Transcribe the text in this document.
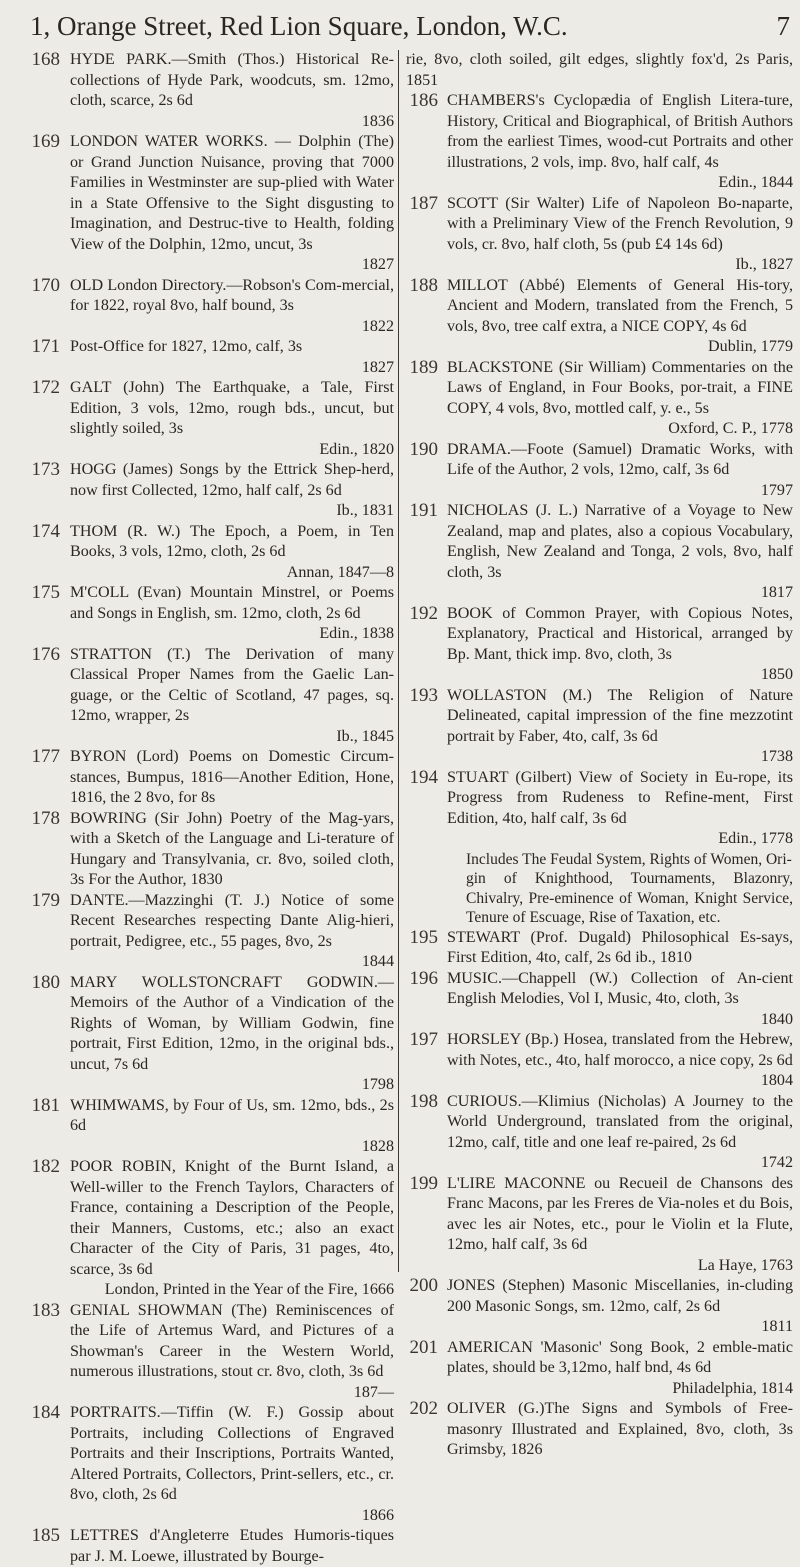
1, Orange Street, Red Lion Square, London, W.C.	7

168 HYDE PARK.—Smith (Thos.) Historical Re-collections of Hyde Park, woodcuts, sm. 12mo, cloth, scarce, 2s 6d
1836

169 LONDON WATER WORKS. — Dolphin (The) or Grand Junction Nuisance, proving that 7000 Families in Westminster are sup-plied with Water in a State Offensive to the Sight disgusting to Imagination, and Destruc-tive to Health, folding View of the Dolphin, 12mo, uncut, 3s
1827

170 OLD London Directory.—Robson's Com-mercial, for 1822, royal 8vo, half bound, 3s
1822

171 Post-Office for 1827, 12mo, calf, 3s
1827

172 GALT (John) The Earthquake, a Tale, First Edition, 3 vols, 12mo, rough bds., uncut, but slightly soiled, 3s
Edin., 1820

173 HOGG (James) Songs by the Ettrick Shep-herd, now first Collected, 12mo, half calf, 2s 6d
Ib., 1831

174 THOM (R. W.) The Epoch, a Poem, in Ten Books, 3 vols, 12mo, cloth, 2s 6d
Annan, 1847—8

175 M'COLL (Evan) Mountain Minstrel, or Poems and Songs in English, sm. 12mo, cloth, 2s 6d
Edin., 1838

176 STRATTON (T.) The Derivation of many Classical Proper Names from the Gaelic Lan-guage, or the Celtic of Scotland, 47 pages, sq. 12mo, wrapper, 2s
Ib., 1845

177 BYRON (Lord) Poems on Domestic Circum-stances, Bumpus, 1816—Another Edition, Hone, 1816, the 2 8vo, for 8s

178 BOWRING (Sir John) Poetry of the Mag-yars, with a Sketch of the Language and Li-terature of Hungary and Transylvania, cr. 8vo, soiled cloth, 3s For the Author, 1830

179 DANTE.—Mazzinghi (T. J.) Notice of some Recent Researches respecting Dante Alig-hieri, portrait, Pedigree, etc., 55 pages, 8vo, 2s
1844

180 MARY WOLLSTONCRAFT GODWIN.—Memoirs of the Author of a Vindication of the Rights of Woman, by William Godwin, fine portrait, First Edition, 12mo, in the original bds., uncut, 7s 6d
1798

181 WHIMWAMS, by Four of Us, sm. 12mo, bds., 2s 6d
1828

182 POOR ROBIN, Knight of the Burnt Island, a Well-willer to the French Taylors, Characters of France, containing a Description of the People, their Manners, Customs, etc.; also an exact Character of the City of Paris, 31 pages, 4to, scarce, 3s 6d
London, Printed in the Year of the Fire, 1666

183 GENIAL SHOWMAN (The) Reminiscences of the Life of Artemus Ward, and Pictures of a Showman's Career in the Western World, numerous illustrations, stout cr. 8vo, cloth, 3s 6d
187—

184 PORTRAITS.—Tiffin (W. F.) Gossip about Portraits, including Collections of Engraved Portraits and their Inscriptions, Portraits Wanted, Altered Portraits, Collectors, Print-sellers, etc., cr. 8vo, cloth, 2s 6d
1866

185 LETTRES d'Angleterre Etudes Humoris-tiques par J. M. Loewe, illustrated by Bourge-

rie, 8vo, cloth soiled, gilt edges, slightly fox'd, 2s Paris, 1851

186 CHAMBERS's Cyclopædia of English Litera-ture, History, Critical and Biographical, of British Authors from the earliest Times, wood-cut Portraits and other illustrations, 2 vols, imp. 8vo, half calf, 4s
Edin., 1844

187 SCOTT (Sir Walter) Life of Napoleon Bo-naparte, with a Preliminary View of the French Revolution, 9 vols, cr. 8vo, half cloth, 5s (pub £4 14s 6d)
Ib., 1827

188 MILLOT (Abbé) Elements of General His-tory, Ancient and Modern, translated from the French, 5 vols, 8vo, tree calf extra, a NICE COPY, 4s 6d
Dublin, 1779

189 BLACKSTONE (Sir William) Commentaries on the Laws of England, in Four Books, por-trait, a FINE COPY, 4 vols, 8vo, mottled calf, y. e., 5s
Oxford, C. P., 1778

190 DRAMA.—Foote (Samuel) Dramatic Works, with Life of the Author, 2 vols, 12mo, calf, 3s 6d
1797

191 NICHOLAS (J. L.) Narrative of a Voyage to New Zealand, map and plates, also a copious Vocabulary, English, New Zealand and Tonga, 2 vols, 8vo, half cloth, 3s
1817

192 BOOK of Common Prayer, with Copious Notes, Explanatory, Practical and Historical, arranged by Bp. Mant, thick imp. 8vo, cloth, 3s
1850

193 WOLLASTON (M.) The Religion of Nature Delineated, capital impression of the fine mezzotint portrait by Faber, 4to, calf, 3s 6d
1738

194 STUART (Gilbert) View of Society in Eu-rope, its Progress from Rudeness to Refine-ment, First Edition, 4to, half calf, 3s 6d
Edin., 1778

Includes The Feudal System, Rights of Women, Ori-
gin of Knighthood, Tournaments, Blazonry, Chivalry, Pre-eminence of Woman, Knight Service, Tenure of Escuage, Rise of Taxation, etc.

195 STEWART (Prof. Dugald) Philosophical Es-says, First Edition, 4to, calf, 2s 6d ib., 1810

196 MUSIC.—Chappell (W.) Collection of An-cient English Melodies, Vol I, Music, 4to, cloth, 3s
1840

197 HORSLEY (Bp.) Hosea, translated from the Hebrew, with Notes, etc., 4to, half morocco, a nice copy, 2s 6d
1804

198 CURIOUS.—Klimius (Nicholas) A Journey to the World Underground, translated from the original, 12mo, calf, title and one leaf re-paired, 2s 6d
1742

199 L'LIRE MACONNE ou Recueil de Chansons des Franc Macons, par les Freres de Via-noles et du Bois, avec les air Notes, etc., pour le Violin et la Flute, 12mo, half calf, 3s 6d
La Haye, 1763

200 JONES (Stephen) Masonic Miscellanies, in-cluding 200 Masonic Songs, sm. 12mo, calf, 2s 6d
1811

201 AMERICAN 'Masonic' Song Book, 2 emble-matic plates, should be 3,12mo, half bnd, 4s 6d
Philadelphia, 1814

202 OLIVER (G.)The Signs and Symbols of Free-masonry Illustrated and Explained, 8vo, cloth, 3s Grimsby, 1826
